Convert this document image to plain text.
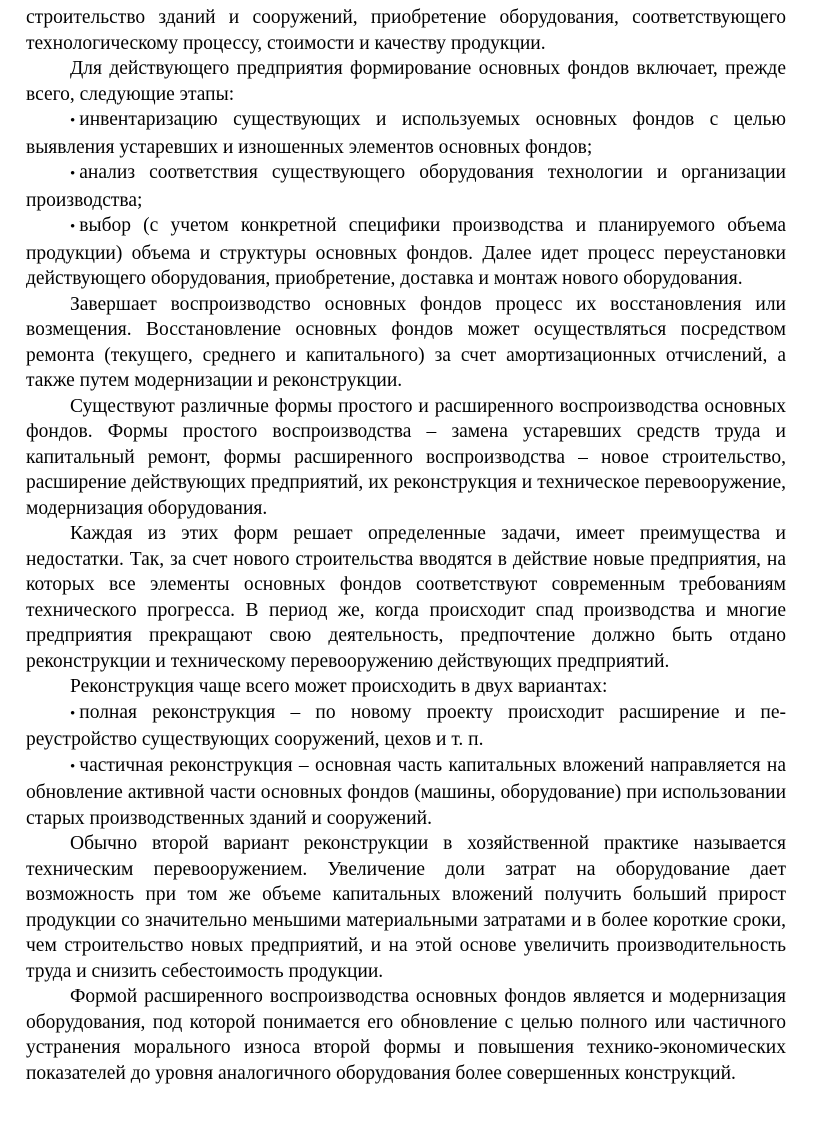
строительство зданий и сооружений, приобретение оборудования, соответствующего технологическому процессу, стоимости и качеству продукции.

Для действующего предприятия формирование основных фондов включает, прежде всего, следующие этапы:

• инвентаризацию существующих и используемых основных фондов с целью выявления устаревших и изношенных элементов основных фондов;

• анализ соответствия существующего оборудования технологии и организации производства;

• выбор (с учетом конкретной специфики производства и планируемого объема продукции) объема и структуры основных фондов. Далее идет процесс переустановки действующего оборудования, приобретение, доставка и монтаж нового оборудования.

Завершает воспроизводство основных фондов процесс их восстановления или возмещения. Восстановление основных фондов может осуществляться посредством ремонта (текущего, среднего и капитального) за счет амортизационных отчислений, а также путем модернизации и реконструкции.

Существуют различные формы простого и расширенного воспроизводства основных фондов. Формы простого воспроизводства – замена устаревших средств труда и капитальный ремонт, формы расширенного воспроизводства – новое строительство, расширение действующих предприятий, их реконструкция и техническое перевооружение, модернизация оборудования.

Каждая из этих форм решает определенные задачи, имеет преимущества и недостатки. Так, за счет нового строительства вводятся в действие новые предприятия, на которых все элементы основных фондов соответствуют современным требованиям технического прогресса. В период же, когда происходит спад производства и многие предприятия прекращают свою деятельность, предпочтение должно быть отдано реконструкции и техническому перевооружению действующих предприятий.

Реконструкция чаще всего может происходить в двух вариантах:

• полная реконструкция – по новому проекту происходит расширение и переустройство существующих сооружений, цехов и т. п.

• частичная реконструкция – основная часть капитальных вложений направляется на обновление активной части основных фондов (машины, оборудование) при использовании старых производственных зданий и сооружений.

Обычно второй вариант реконструкции в хозяйственной практике называется техническим перевооружением. Увеличение доли затрат на оборудование дает возможность при том же объеме капитальных вложений получить больший прирост продукции со значительно меньшими материальными затратами и в более короткие сроки, чем строительство новых предприятий, и на этой основе увеличить производительность труда и снизить себестоимость продукции.

Формой расширенного воспроизводства основных фондов является и модернизация оборудования, под которой понимается его обновление с целью полного или частичного устранения морального износа второй формы и повышения технико-экономических показателей до уровня аналогичного оборудования более совершенных конструкций.
